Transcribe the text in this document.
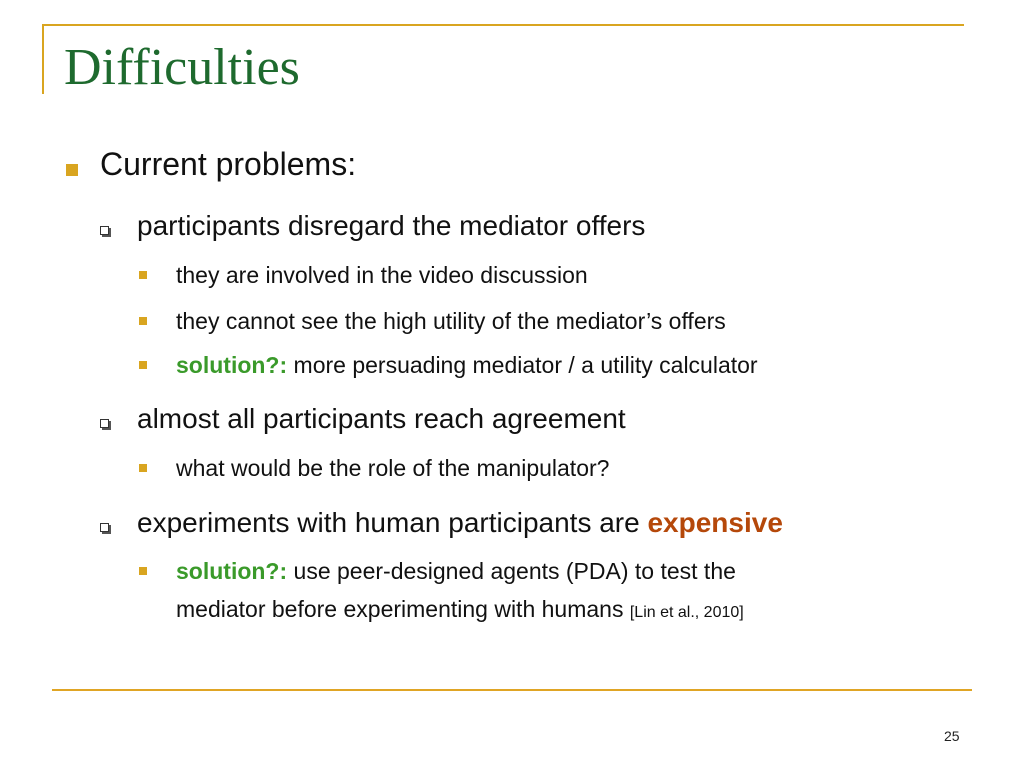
Difficulties
Current problems:
participants disregard the mediator offers
they are involved in the video discussion
they cannot see the high utility of the mediator’s offers
solution?: more persuading mediator / a utility calculator
almost all participants reach agreement
what would be the role of the manipulator?
experiments with human participants are expensive
solution?: use peer-designed agents (PDA) to test the
mediator before experimenting with humans [Lin et al., 2010]
25
